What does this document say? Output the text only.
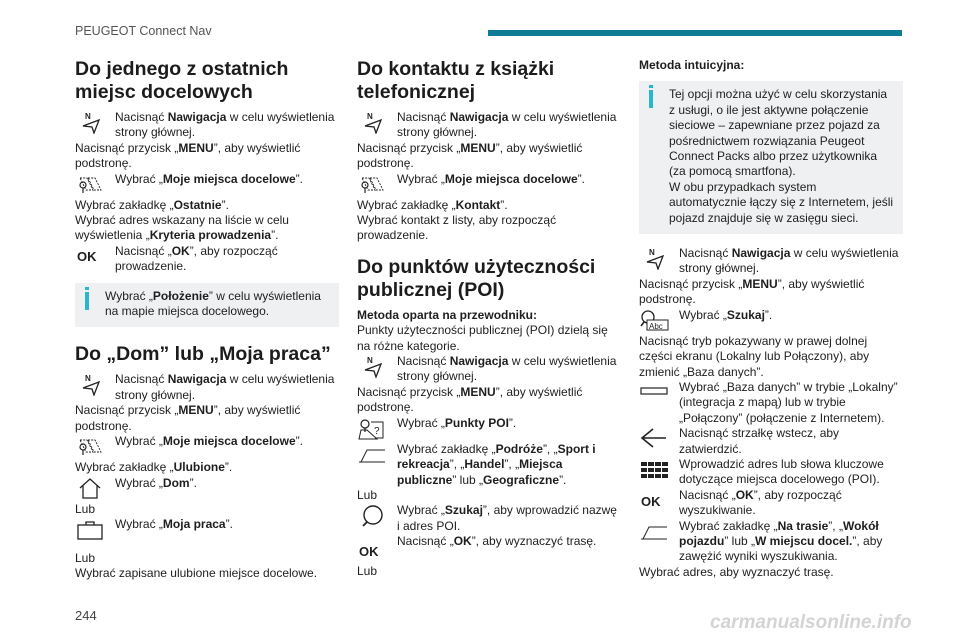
PEUGEOT Connect Nav
Do jednego z ostatnich miejsc docelowych
N Nacisnąć Nawigacja w celu wyświetlenia strony głównej.

Nacisnąć przycisk „MENU”, aby wyświetlić podstronę.

Wybrać „Moje miejsca docelowe”.

Wybrać zakładkę „Ostatnie”.

Wybrać adres wskazany na liście w celu wyświetlenia „Kryteria prowadzenia”.

OK Nacisnąć „OK”, aby rozpocząć prowadzenie.
Wybrać „Położenie” w celu wyświetlenia na mapie miejsca docelowego.
Do „Dom” lub „Moja praca”
N Nacisnąć Nawigacja w celu wyświetlenia strony głównej.

Nacisnąć przycisk „MENU”, aby wyświetlić podstronę.

Wybrać „Moje miejsca docelowe”.

Wybrać zakładkę „Ulubione”.

Wybrać „Dom”.

Lub

Wybrać „Moja praca”.

Lub

Wybrać zapisane ulubione miejsce docelowe.

Do kontaktu z książki telefonicznej
N Nacisnąć Nawigacja w celu wyświetlenia strony głównej.

Nacisnąć przycisk „MENU”, aby wyświetlić podstronę.

Wybrać „Moje miejsca docelowe”.

Wybrać zakładkę „Kontakt”.

Wybrać kontakt z listy, aby rozpocząć prowadzenie.

Do punktów użyteczności publicznej (POI)

Metoda oparta na przewodniku:

Punkty użyteczności publicznej (POI) dzielą się na różne kategorie.

N Nacisnąć Nawigacja w celu wyświetlenia strony głównej.

Nacisnąć przycisk „MENU”, aby wyświetlić podstronę.

?
Wybrać „Punkty POI”.
Wybrać zakładkę „Podróże”, „Sport i rekreacja”, „Handel”, „Miejsca publiczne” lub „Geograficzne”.

Lub

Wybrać „Szukaj”, aby wprowadzić nazwę i adres POI.
OK
Nacisnąć „OK”, aby wyznaczyć trasę.

Lub

Metoda intuicyjna:

Tej opcji można użyć w celu skorzystania z usługi, o ile jest aktywne połączenie sieciowe – zapewniane przez pojazd za pośrednictwem rozwiązania Peugeot Connect Packs albo przez użytkownika (za pomocą smartfona).
W obu przypadkach system automatycznie łączy się z Internetem, jeśli pojazd znajduje się w zasięgu sieci.
N Nacisnąć Nawigacja w celu wyświetlenia strony głównej.

Nacisnąć przycisk „MENU”, aby wyświetlić podstronę.

Abc
Wybrać „Szukaj”.

Nacisnąć tryb pokazywany w prawej dolnej części ekranu (Lokalny lub Połączony), aby zmienić „Baza danych”.

Wybrać „Baza danych” w trybie „Lokalny” (integracja z mapą) lub w trybie „Połączony” (połączenie z Internetem).
Nacisnąć strzałkę wstecz, aby zatwierdzić.
Wprowadzić adres lub słowa kluczowe dotyczące miejsca docelowego (POI).
OK Nacisnąć „OK”, aby rozpocząć wyszukiwanie.
Wybrać zakładkę „Na trasie”, „Wokół pojazdu” lub „W miejscu docel.”, aby zawężić wyniki wyszukiwania.

Wybrać adres, aby wyznaczyć trasę.

244	carmanualsonline.info
